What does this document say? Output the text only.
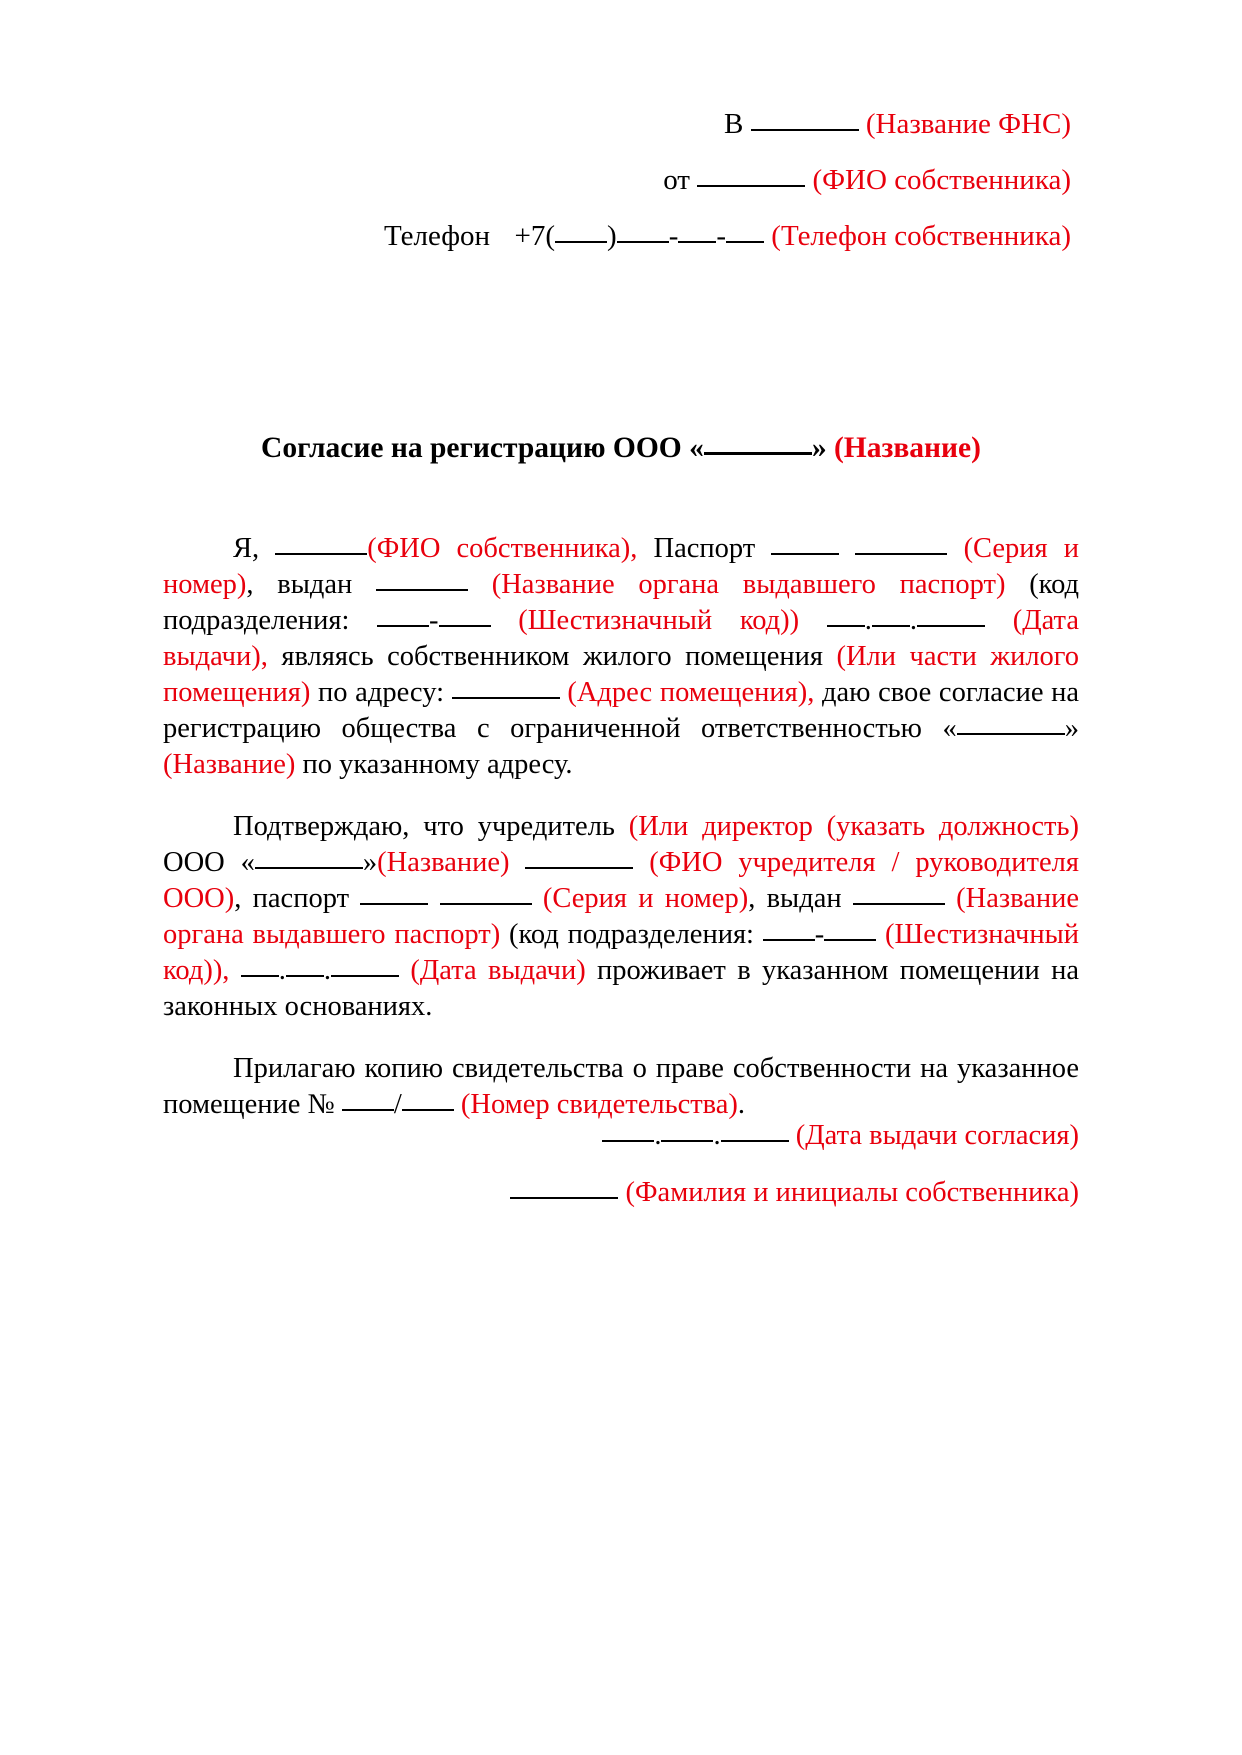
В	(Название ФНС)
от	(ФИО собственника)
Телефон +7( ) - - (Телефон собственника)
Согласие на регистрацию ООО «	» (Название)

Я,	(ФИО собственника), Паспорт	(Серия и номер), выдан	(Название органа выдавшего паспорт) (код подразделения:	-	(Шестизначный код)) . .	(Дата выдачи), являясь собственником жилого помещения (Или части жилого помещения) по адресу:	(Адрес помещения), даю свое согласие на регистрацию общества с ограниченной ответственностью «	» (Название) по указанному адресу.

Подтверждаю, что учредитель (Или директор (указать должность) ООО «	»(Название)	(ФИО учредителя / руководителя ООО), паспорт	(Серия и номер), выдан	(Название органа выдавшего паспорт) (код подразделения: - (Шестизначный код)), . .	(Дата выдачи) проживает в указанном помещении на законных основаниях.

Прилагаю копию свидетельства о праве собственности на указанное помещение № / (Номер свидетельства).

. .	(Дата выдачи согласия)
(Фамилия и инициалы собственника)
